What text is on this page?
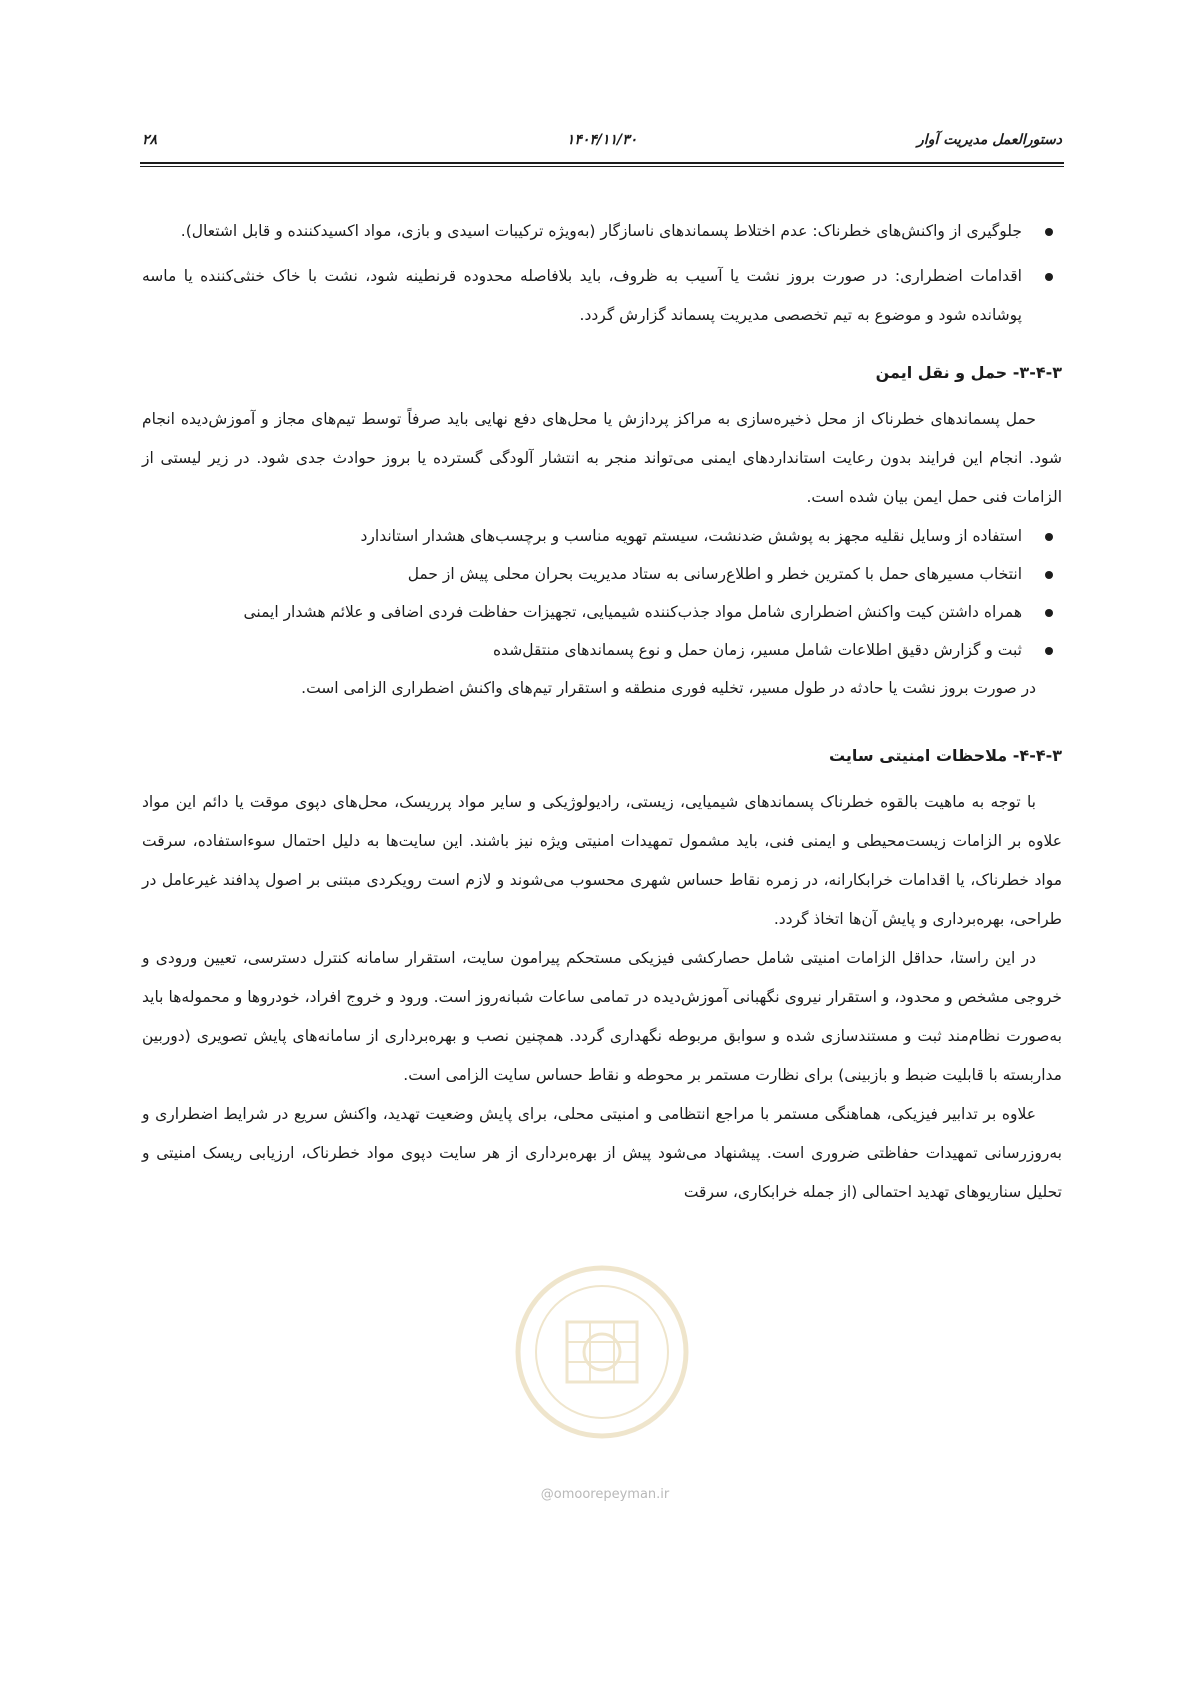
دستورالعمل مدیریت آوار
۱۴۰۴/۱۱/۳۰
۲۸
جلوگیری از واکنش‌های خطرناک: عدم اختلاط پسماندهای ناسازگار (به‌ویژه ترکیبات اسیدی و بازی، مواد اکسیدکننده و قابل اشتعال).
اقدامات اضطراری: در صورت بروز نشت یا آسیب به ظروف، باید بلافاصله محدوده قرنطینه شود، نشت با خاک خنثی‌کننده یا ماسه پوشانده شود و موضوع به تیم تخصصی مدیریت پسماند گزارش گردد.
۳-۴-۳- حمل و نقل ایمن

حمل پسماندهای خطرناک از محل ذخیره‌سازی به مراکز پردازش یا محل‌های دفع نهایی باید صرفاً توسط تیم‌های مجاز و آموزش‌دیده انجام شود. انجام این فرایند بدون رعایت استانداردهای ایمنی می‌تواند منجر به انتشار آلودگی گسترده یا بروز حوادث جدی شود. در زیر لیستی از الزامات فنی حمل ایمن بیان شده است.

استفاده از وسایل نقلیه مجهز به پوشش ضدنشت، سیستم تهویه مناسب و برچسب‌های هشدار استاندارد
انتخاب مسیرهای حمل با کمترین خطر و اطلاع‌رسانی به ستاد مدیریت بحران محلی پیش از حمل
همراه داشتن کیت واکنش اضطراری شامل مواد جذب‌کننده شیمیایی، تجهیزات حفاظت فردی اضافی و علائم هشدار ایمنی
ثبت و گزارش دقیق اطلاعات شامل مسیر، زمان حمل و نوع پسماندهای منتقل‌شده

در صورت بروز نشت یا حادثه در طول مسیر، تخلیه فوری منطقه و استقرار تیم‌های واکنش اضطراری الزامی است.

۴-۴-۳- ملاحظات امنیتی سایت

با توجه به ماهیت بالقوه خطرناک پسماندهای شیمیایی، زیستی، رادیولوژیکی و سایر مواد پرریسک، محل‌های دپوی موقت یا دائم این مواد علاوه بر الزامات زیست‌محیطی و ایمنی فنی، باید مشمول تمهیدات امنیتی ویژه نیز باشند. این سایت‌ها به دلیل احتمال سوءاستفاده، سرقت مواد خطرناک، یا اقدامات خرابکارانه، در زمره نقاط حساس شهری محسوب می‌شوند و لازم است رویکردی مبتنی بر اصول پدافند غیرعامل در طراحی، بهره‌برداری و پایش آن‌ها اتخاذ گردد.

در این راستا، حداقل الزامات امنیتی شامل حصارکشی فیزیکی مستحکم پیرامون سایت، استقرار سامانه کنترل دسترسی، تعیین ورودی و خروجی مشخص و محدود، و استقرار نیروی نگهبانی آموزش‌دیده در تمامی ساعات شبانه‌روز است. ورود و خروج افراد، خودروها و محموله‌ها باید به‌صورت نظام‌مند ثبت و مستندسازی شده و سوابق مربوطه نگهداری گردد. همچنین نصب و بهره‌برداری از سامانه‌های پایش تصویری (دوربین مداربسته با قابلیت ضبط و بازبینی) برای نظارت مستمر بر محوطه و نقاط حساس سایت الزامی است.

علاوه بر تدابیر فیزیکی، هماهنگی مستمر با مراجع انتظامی و امنیتی محلی، برای پایش وضعیت تهدید، واکنش سریع در شرایط اضطراری و به‌روزرسانی تمهیدات حفاظتی ضروری است. پیشنهاد می‌شود پیش از بهره‌برداری از هر سایت دپوی مواد خطرناک، ارزیابی ریسک امنیتی و تحلیل سناریوهای تهدید احتمالی (از جمله خرابکاری، سرقت

@omoorepeyman.ir
